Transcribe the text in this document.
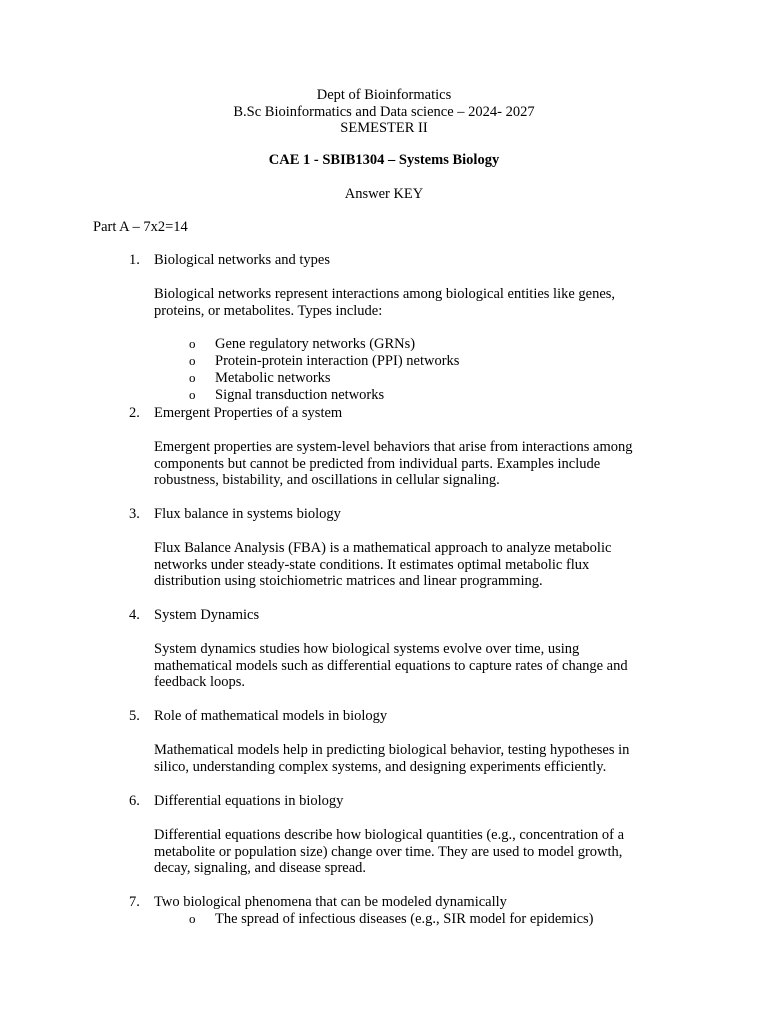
Dept of Bioinformatics
B.Sc Bioinformatics and Data science – 2024- 2027
SEMESTER II
CAE 1 - SBIB1304 – Systems Biology
Answer KEY
Part A – 7x2=14
1. Biological networks and types
Biological networks represent interactions among biological entities like genes,
proteins, or metabolites. Types include:
o Gene regulatory networks (GRNs)
o Protein-protein interaction (PPI) networks
o Metabolic networks
o Signal transduction networks
2. Emergent Properties of a system
Emergent properties are system-level behaviors that arise from interactions among
components but cannot be predicted from individual parts. Examples include
robustness, bistability, and oscillations in cellular signaling.
3. Flux balance in systems biology
Flux Balance Analysis (FBA) is a mathematical approach to analyze metabolic
networks under steady-state conditions. It estimates optimal metabolic flux
distribution using stoichiometric matrices and linear programming.
4. System Dynamics
System dynamics studies how biological systems evolve over time, using
mathematical models such as differential equations to capture rates of change and
feedback loops.
5. Role of mathematical models in biology
Mathematical models help in predicting biological behavior, testing hypotheses in
silico, understanding complex systems, and designing experiments efficiently.
6. Differential equations in biology
Differential equations describe how biological quantities (e.g., concentration of a
metabolite or population size) change over time. They are used to model growth,
decay, signaling, and disease spread.
7. Two biological phenomena that can be modeled dynamically
o The spread of infectious diseases (e.g., SIR model for epidemics)
